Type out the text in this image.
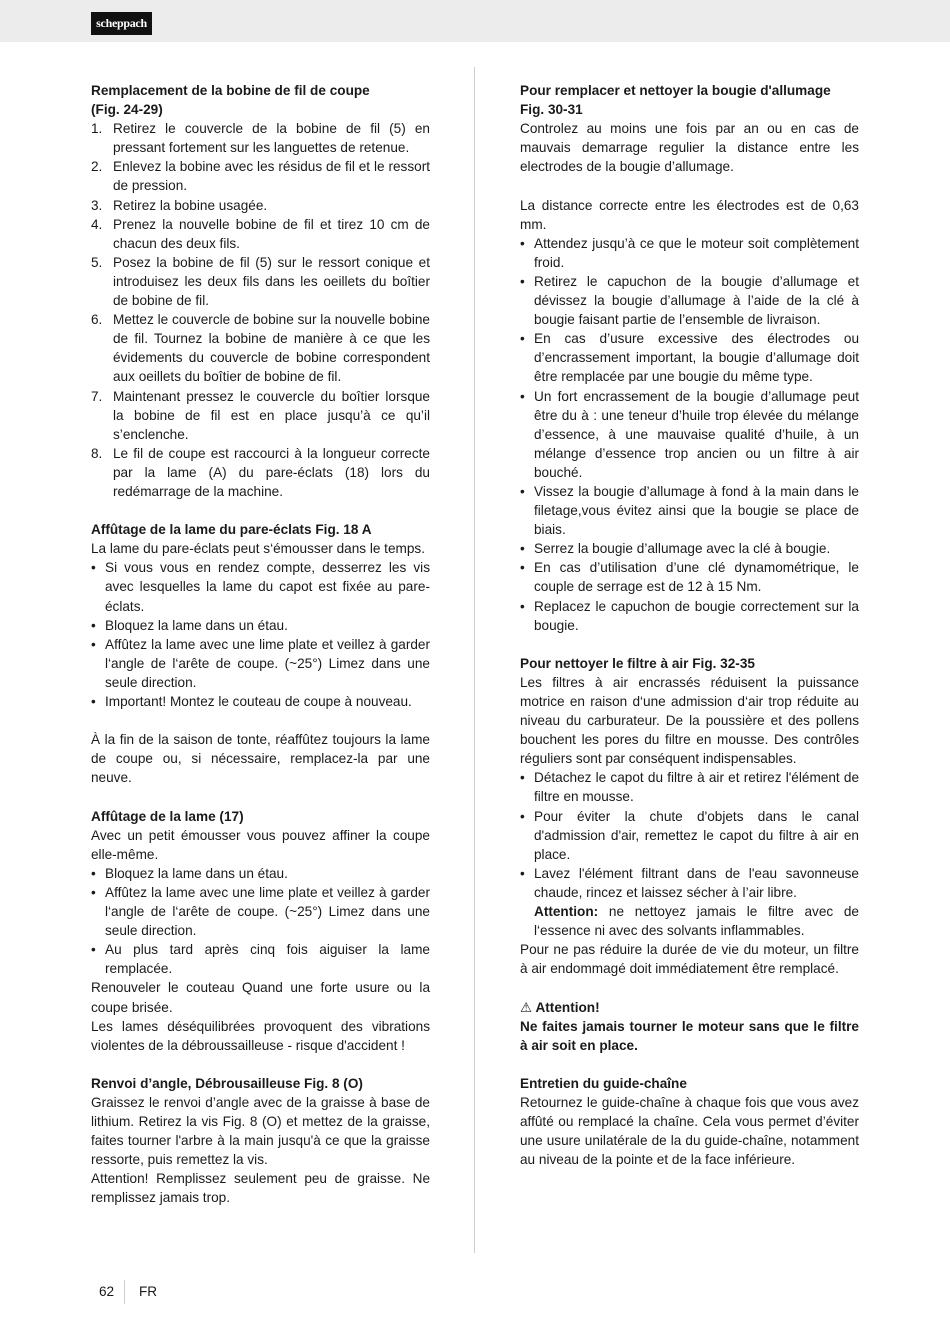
scheppach

Remplacement de la bobine de fil de coupe

(Fig. 24-29)

1. Retirez le couvercle de la bobine de fil (5) en pressant fortement sur les languettes de retenue.
2. Enlevez la bobine avec les résidus de fil et le ressort de pression.
3. Retirez la bobine usagée.
4. Prenez la nouvelle bobine de fil et tirez 10 cm de chacun des deux fils.
5. Posez la bobine de fil (5) sur le ressort conique et introduisez les deux fils dans les oeillets du boîtier de bobine de fil.
6. Mettez le couvercle de bobine sur la nouvelle bobine de fil. Tournez la bobine de manière à ce que les évidements du couvercle de bobine correspondent aux oeillets du boîtier de bobine de fil.
7. Maintenant pressez le couvercle du boîtier lorsque la bobine de fil est en place jusqu’à ce qu’il s’enclenche.
8. Le fil de coupe est raccourci à la longueur correcte par la lame (A) du pare-éclats (18) lors du redémarrage de la machine.

Affûtage de la lame du pare-éclats Fig. 18 A

La lame du pare-éclats peut s‘émousser dans le temps.

• Si vous vous en rendez compte, desserrez les vis avec lesquelles la lame du capot est fixée au pare-éclats.
• Bloquez la lame dans un étau.
• Affûtez la lame avec une lime plate et veillez à garder l‘angle de l‘arête de coupe. (~25°) Limez dans une seule direction.
• Important! Montez le couteau de coupe à nouveau.

À la fin de la saison de tonte, réaffûtez toujours la lame de coupe ou, si nécessaire, remplacez-la par une neuve.

Affûtage de la lame (17)

Avec un petit émousser vous pouvez affiner la coupe elle-même.

• Bloquez la lame dans un étau.
• Affûtez la lame avec une lime plate et veillez à garder l‘angle de l‘arête de coupe. (~25°) Limez dans une seule direction.
• Au plus tard après cinq fois aiguiser la lame remplacée.

Renouveler le couteau Quand une forte usure ou la coupe brisée.

Les lames déséquilibrées provoquent des vibrations violentes de la débroussailleuse - risque d'accident !

Renvoi d’angle, Débrousailleuse Fig. 8 (O)

Graissez le renvoi d’angle avec de la graisse à base de lithium. Retirez la vis Fig. 8 (O) et mettez de la graisse, faites tourner l'arbre à la main jusqu'à ce que la graisse ressorte, puis remettez la vis.

Attention! Remplissez seulement peu de graisse. Ne remplissez jamais trop.

Pour remplacer et nettoyer la bougie d'allumage

Fig. 30-31

Controlez au moins une fois par an ou en cas de mauvais demarrage regulier la distance entre les electrodes de la bougie d’allumage.

La distance correcte entre les électrodes est de 0,63 mm.

• Attendez jusqu’à ce que le moteur soit complètement froid.
• Retirez le capuchon de la bougie d’allumage et dévissez la bougie d’allumage à l’aide de la clé à bougie faisant partie de l’ensemble de livraison.
• En cas d’usure excessive des électrodes ou d’encrassement important, la bougie d’allumage doit être remplacée par une bougie du même type.
• Un fort encrassement de la bougie d’allumage peut être du à : une teneur d’huile trop élevée du mélange d’essence, à une mauvaise qualité d’huile, à un mélange d’essence trop ancien ou un filtre à air bouché.
• Vissez la bougie d’allumage à fond à la main dans le filetage,vous évitez ainsi que la bougie se place de biais.
• Serrez la bougie d’allumage avec la clé à bougie.
• En cas d’utilisation d’une clé dynamométrique, le couple de serrage est de 12 à 15 Nm.
• Replacez le capuchon de bougie correctement sur la bougie.

Pour nettoyer le filtre à air Fig. 32-35

Les filtres à air encrassés réduisent la puissance motrice en raison d‘une admission d‘air trop réduite au niveau du carburateur. De la poussière et des pollens bouchent les pores du filtre en mousse. Des contrôles réguliers sont par conséquent indispensables.

• Détachez le capot du filtre à air et retirez l'élément de filtre en mousse.
• Pour éviter la chute d'objets dans le canal d'admission d'air, remettez le capot du filtre à air en place.
• Lavez l'élément filtrant dans de l'eau savonneuse chaude, rincez et laissez sécher à l’air libre.
Attention: ne nettoyez jamais le filtre avec de l‘essence ni avec des solvants inflammables.

Pour ne pas réduire la durée de vie du moteur, un filtre à air endommagé doit immédiatement être remplacé.

⚠ Attention!

Ne faites jamais tourner le moteur sans que le filtre à air soit en place.

Entretien du guide-chaîne

Retournez le guide-chaîne à chaque fois que vous avez affûté ou remplacé la chaîne. Cela vous permet d’éviter une usure unilatérale de la du guide-chaîne, notamment au niveau de la pointe et de la face inférieure.

62 FR
